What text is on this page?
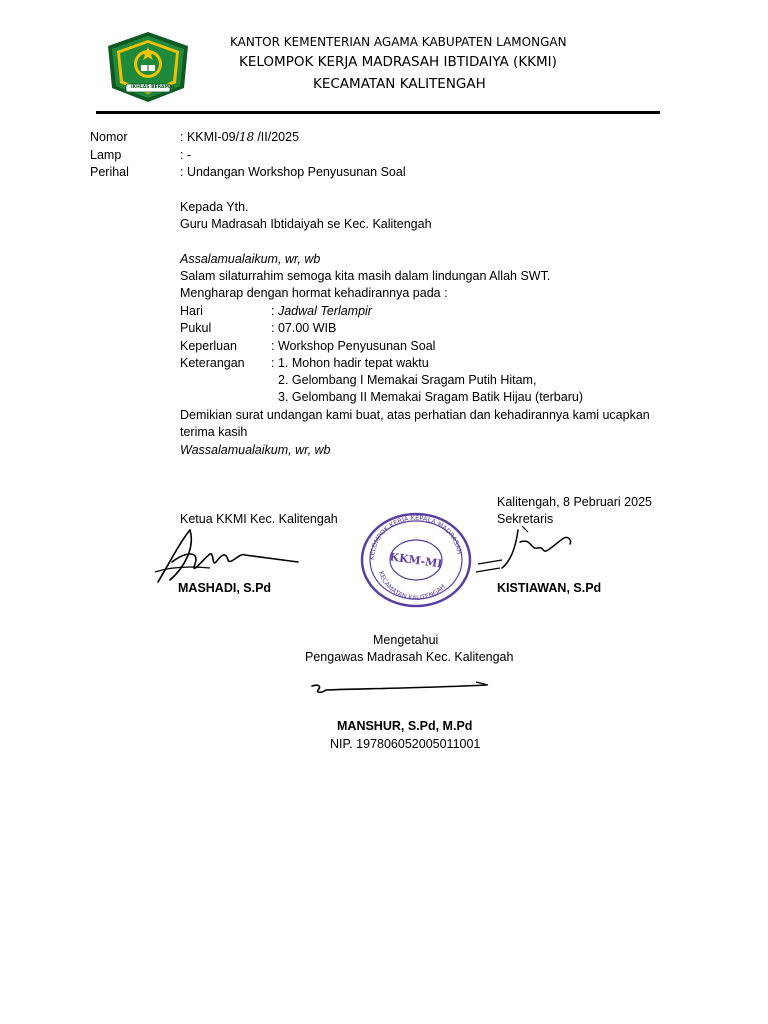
IKHLAS BERAMAL
KANTOR KEMENTERIAN AGAMA KABUPATEN LAMONGAN
KELOMPOK KERJA MADRASAH IBTIDAIYA (KKMI)
KECAMATAN KALITENGAH
Nomor	: KKMI-09/18 /II/2025
Lamp	: -
Perihal	: Undangan Workshop Penyusunan Soal
Kepada Yth.
Guru Madrasah Ibtidaiyah se Kec. Kalitengah
Assalamualaikum, wr, wb
Salam silaturrahim semoga kita masih dalam lindungan Allah SWT.
Mengharap dengan hormat kehadirannya pada :
Hari	: Jadwal Terlampir
Pukul	: 07.00 WIB
Keperluan	: Workshop Penyusunan Soal
Keterangan : 1. Mohon hadir tepat waktu
2. Gelombang I Memakai Sragam Putih Hitam,
3. Gelombang II Memakai Sragam Batik Hijau (terbaru)
Demikian surat undangan kami buat, atas perhatian dan kehadirannya kami ucapkan
terima kasih
Wassalamualaikum, wr, wb
Kalitengah, 8 Pebruari 2025
Ketua KKMI Kec. Kalitengah	Sekretaris
KELOMPOK KERJA KEPALA MADRASAH
KECAMATAN KALITENGAH
KKM-MI
MASHADI, S.Pd	KISTIAWAN, S.Pd
Mengetahui
Pengawas Madrasah Kec. Kalitengah
MANSHUR, S.Pd, M.Pd
NIP. 197806052005011001
